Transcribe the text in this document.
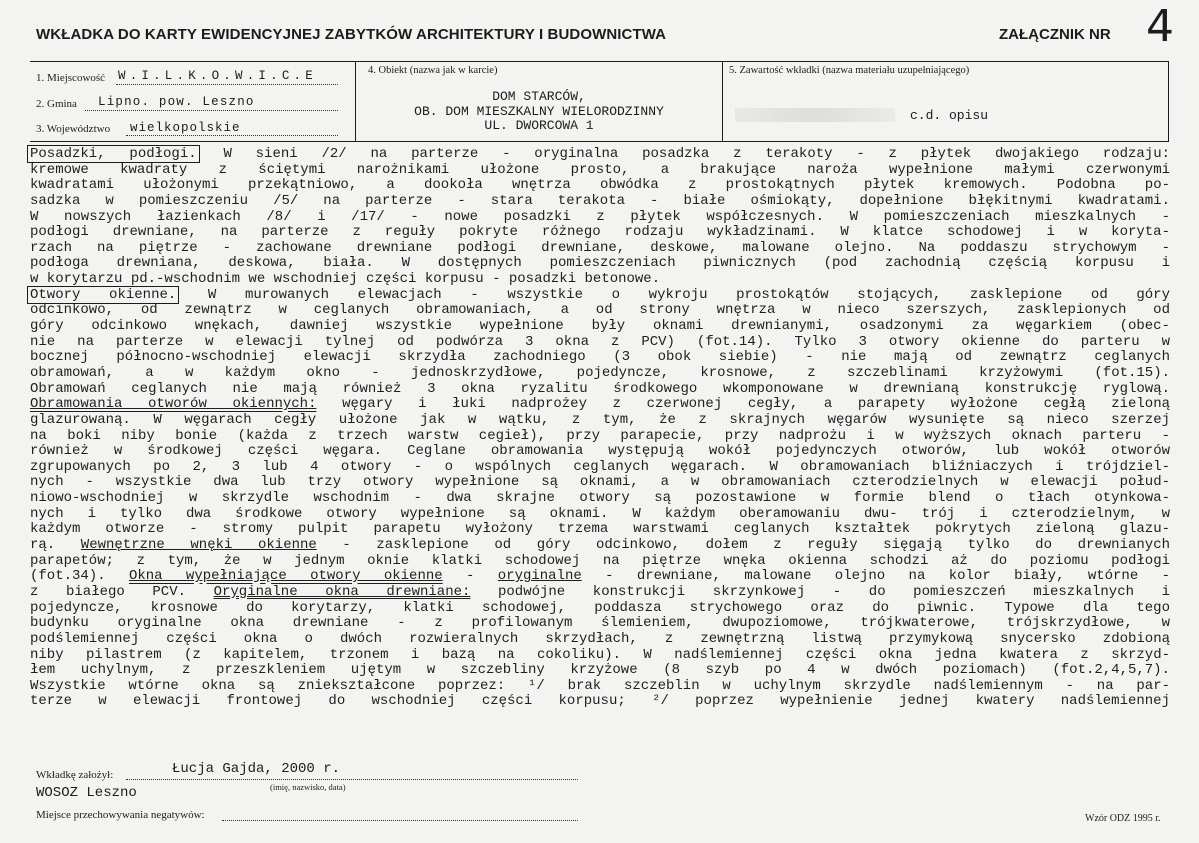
WKŁADKA DO KARTY EWIDENCYJNEJ ZABYTKÓW ARCHITEKTURY I BUDOWNICTWA	ZAŁĄCZNIK NR 4
1. Miejscowość W.I.L.K.O.W.I.C.E
2. Gmina Lipno. pow. Leszno
3. Województwo wielkopolskie
4. Obiekt (nazwa jak w karcie)
DOM STARCÓW,
OB. DOM MIESZKALNY WIELORODZINNY
UL. DWORCOWA 1
5. Zawartość wkładki (nazwa materiału uzupełniającego)
c.d. opisu
Posadzki, podłogi. W sieni /2/ na parterze - oryginalna posadzka z terakoty - z płytek dwojakiego rodzaju:
kremowe kwadraty z ściętymi narożnikami ułożone prosto, a brakujące naroża wypełnione małymi czerwonymi
kwadratami ułożonymi przekątniowo, a dookoła wnętrza obwódka z prostokątnych płytek kremowych. Podobna po-
sadzka w pomieszczeniu /5/ na parterze - stara terakota - białe ośmiokąty, dopełnione błękitnymi kwadratami.
W nowszych łazienkach /8/ i /17/ - nowe posadzki z płytek współczesnych. W pomieszczeniach mieszkalnych -
podłogi drewniane, na parterze z reguły pokryte różnego rodzaju wykładzinami. W klatce schodowej i w koryta-
rzach na piętrze - zachowane drewniane podłogi drewniane, deskowe, malowane olejno. Na poddaszu strychowym -
podłoga drewniana, deskowa, biała. W dostępnych pomieszczeniach piwnicznych (pod zachodnią częścią korpusu i
w korytarzu pd.-wschodnim we wschodniej części korpusu - posadzki betonowe.
Otwory okienne. W murowanych elewacjach - wszystkie o wykroju prostokątów stojących, zasklepione od góry
odcinkowo, od zewnątrz w ceglanych obramowaniach, a od strony wnętrza w nieco szerszych, zasklepionych od
góry odcinkowo wnękach, dawniej wszystkie wypełnione były oknami drewnianymi, osadzonymi za węgarkiem (obec-
nie na parterze w elewacji tylnej od podwórza 3 okna z PCV) (fot.14). Tylko 3 otwory okienne do parteru w
bocznej północno-wschodniej elewacji skrzydła zachodniego (3 obok siebie) - nie mają od zewnątrz ceglanych
obramowań, a w każdym okno - jednoskrzydłowe, pojedyncze, krosnowe, z szczeblinami krzyżowymi (fot.15).
Obramowań ceglanych nie mają również 3 okna ryzalitu środkowego wkomponowane w drewnianą konstrukcję ryglową.
Obramowania otworów okiennych: węgary i łuki nadprożey z czerwonej cegły, a parapety wyłożone cegłą zieloną
glazurowaną. W węgarach cegły ułożone jak w wątku, z tym, że z skrajnych węgarów wysunięte są nieco szerzej
na boki niby bonie (każda z trzech warstw cegieł), przy parapecie, przy nadprożu i w wyższych oknach parteru -
również w środkowej części węgara. Ceglane obramowania występują wokół pojedynczych otworów, lub wokół otworów
zgrupowanych po 2, 3 lub 4 otwory - o wspólnych ceglanych węgarach. W obramowaniach bliźniaczych i trójdziel-
nych - wszystkie dwa lub trzy otwory wypełnione są oknami, a w obramowaniach czterodzielnych w elewacji połud-
niowo-wschodniej w skrzydle wschodnim - dwa skrajne otwory są pozostawione w formie blend o tłach otynkowa-
nych i tylko dwa środkowe otwory wypełnione są oknami. W każdym oberamowaniu dwu- trój i czterodzielnym, w
każdym otworze - stromy pulpit parapetu wyłożony trzema warstwami ceglanych kształtek pokrytych zieloną glazu-
rą. Wewnętrzne wnęki okienne - zasklepione od góry odcinkowo, dołem z reguły sięgają tylko do drewnianych
parapetów; z tym, że w jednym oknie klatki schodowej na piętrze wnęka okienna schodzi aż do poziomu podłogi
(fot.34). Okna wypełniające otwory okienne - oryginalne - drewniane, malowane olejno na kolor biały, wtórne -
z białego PCV. Oryginalne okna drewniane: podwójne konstrukcji skrzynkowej - do pomieszczeń mieszkalnych i
pojedyncze, krosnowe do korytarzy, klatki schodowej, poddasza strychowego oraz do piwnic. Typowe dla tego
budynku oryginalne okna drewniane - z profilowanym ślemieniem, dwupoziomowe, trójkwaterowe, trójskrzydłowe, w
podślemiennej części okna o dwóch rozwieralnych skrzydłach, z zewnętrzną listwą przymykową snycersko zdobioną
niby pilastrem (z kapitelem, trzonem i bazą na cokoliku). W nadślemiennej części okna jedna kwatera z skrzyd-
łem uchylnym, z przeszkleniem ujętym w szczebliny krzyżowe (8 szyb po 4 w dwóch poziomach) (fot.2,4,5,7).
Wszystkie wtórne okna są zniekształcone poprzez: ¹/ brak szczeblin w uchylnym skrzydle nadślemiennym - na par-
terze w elewacji frontowej do wschodniej części korpusu; ²/ poprzez wypełnienie jednej kwatery nadślemiennej
Wkładkę założył:	Łucja Gajda, 2000 r.
(imię, nazwisko, data)
WOSOZ Leszno
Miejsce przechowywania negatywów:	Wzór ODZ 1995 r.
